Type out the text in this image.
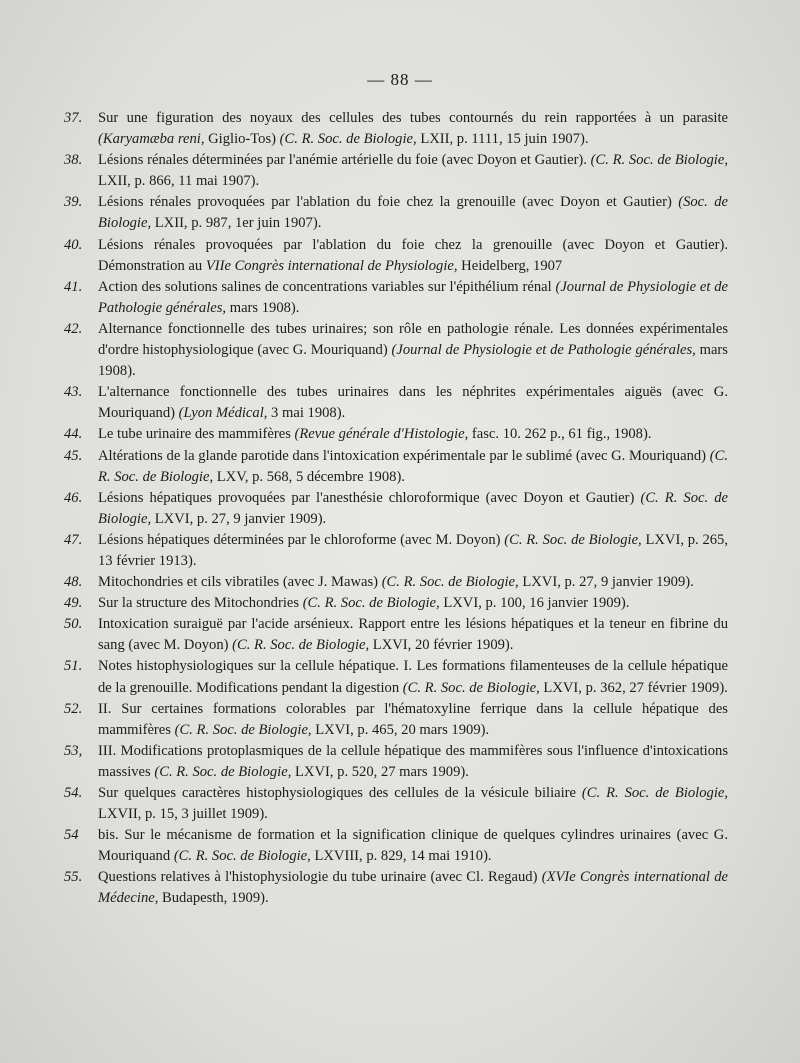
— 88 —

37.	Sur une figuration des noyaux des cellules des tubes contournés du rein rapportées à un parasite (Karyamæba reni, Giglio-Tos) (C. R. Soc. de Biologie, LXII, p. 1111, 15 juin 1907).

38.	Lésions rénales déterminées par l'anémie artérielle du foie (avec Doyon et Gautier). (C. R. Soc. de Biologie, LXII, p. 866, 11 mai 1907).

39.	Lésions rénales provoquées par l'ablation du foie chez la grenouille (avec Doyon et Gautier) (Soc. de Biologie, LXII, p. 987, 1er juin 1907).

40.	Lésions rénales provoquées par l'ablation du foie chez la grenouille (avec Doyon et Gautier). Démonstration au VIIe Congrès international de Physiologie, Heidelberg, 1907

41.	Action des solutions salines de concentrations variables sur l'épithélium rénal (Journal de Physiologie et de Pathologie générales, mars 1908).

42.	Alternance fonctionnelle des tubes urinaires; son rôle en pathologie rénale. Les données expérimentales d'ordre histophysiologique (avec G. Mouriquand) (Journal de Physiologie et de Pathologie générales, mars 1908).

43.	L'alternance fonctionnelle des tubes urinaires dans les néphrites expérimentales aiguës (avec G. Mouriquand) (Lyon Médical, 3 mai 1908).

44.	Le tube urinaire des mammifères (Revue générale d'Histologie, fasc. 10. 262 p., 61 fig., 1908).

45.	Altérations de la glande parotide dans l'intoxication expérimentale par le sublimé (avec G. Mouriquand) (C. R. Soc. de Biologie, LXV, p. 568, 5 décembre 1908).

46.	Lésions hépatiques provoquées par l'anesthésie chloroformique (avec Doyon et Gautier) (C. R. Soc. de Biologie, LXVI, p. 27, 9 janvier 1909).

47.	Lésions hépatiques déterminées par le chloroforme (avec M. Doyon) (C. R. Soc. de Biologie, LXVI, p. 265, 13 février 1913).

48.	Mitochondries et cils vibratiles (avec J. Mawas) (C. R. Soc. de Biologie, LXVI, p. 27, 9 janvier 1909).

49.	Sur la structure des Mitochondries (C. R. Soc. de Biologie, LXVI, p. 100, 16 janvier 1909).

50.	Intoxication suraiguë par l'acide arsénieux. Rapport entre les lésions hépatiques et la teneur en fibrine du sang (avec M. Doyon) (C. R. Soc. de Biologie, LXVI, 20 février 1909).

51.	Notes histophysiologiques sur la cellule hépatique. I. Les formations filamenteuses de la cellule hépatique de la grenouille. Modifications pendant la digestion (C. R. Soc. de Biologie, LXVI, p. 362, 27 février 1909).

52.	II. Sur certaines formations colorables par l'hématoxyline ferrique dans la cellule hépatique des mammifères (C. R. Soc. de Biologie, LXVI, p. 465, 20 mars 1909).

53,	III. Modifications protoplasmiques de la cellule hépatique des mammifères sous l'influence d'intoxications massives (C. R. Soc. de Biologie, LXVI, p. 520, 27 mars 1909).

54.	Sur quelques caractères histophysiologiques des cellules de la vésicule biliaire (C. R. Soc. de Biologie, LXVII, p. 15, 3 juillet 1909).

54	bis. Sur le mécanisme de formation et la signification clinique de quelques cylindres urinaires (avec G. Mouriquand (C. R. Soc. de Biologie, LXVIII, p. 829, 14 mai 1910).

55.	Questions relatives à l'histophysiologie du tube urinaire (avec Cl. Regaud) (XVIe Congrès international de Médecine, Budapesth, 1909).
